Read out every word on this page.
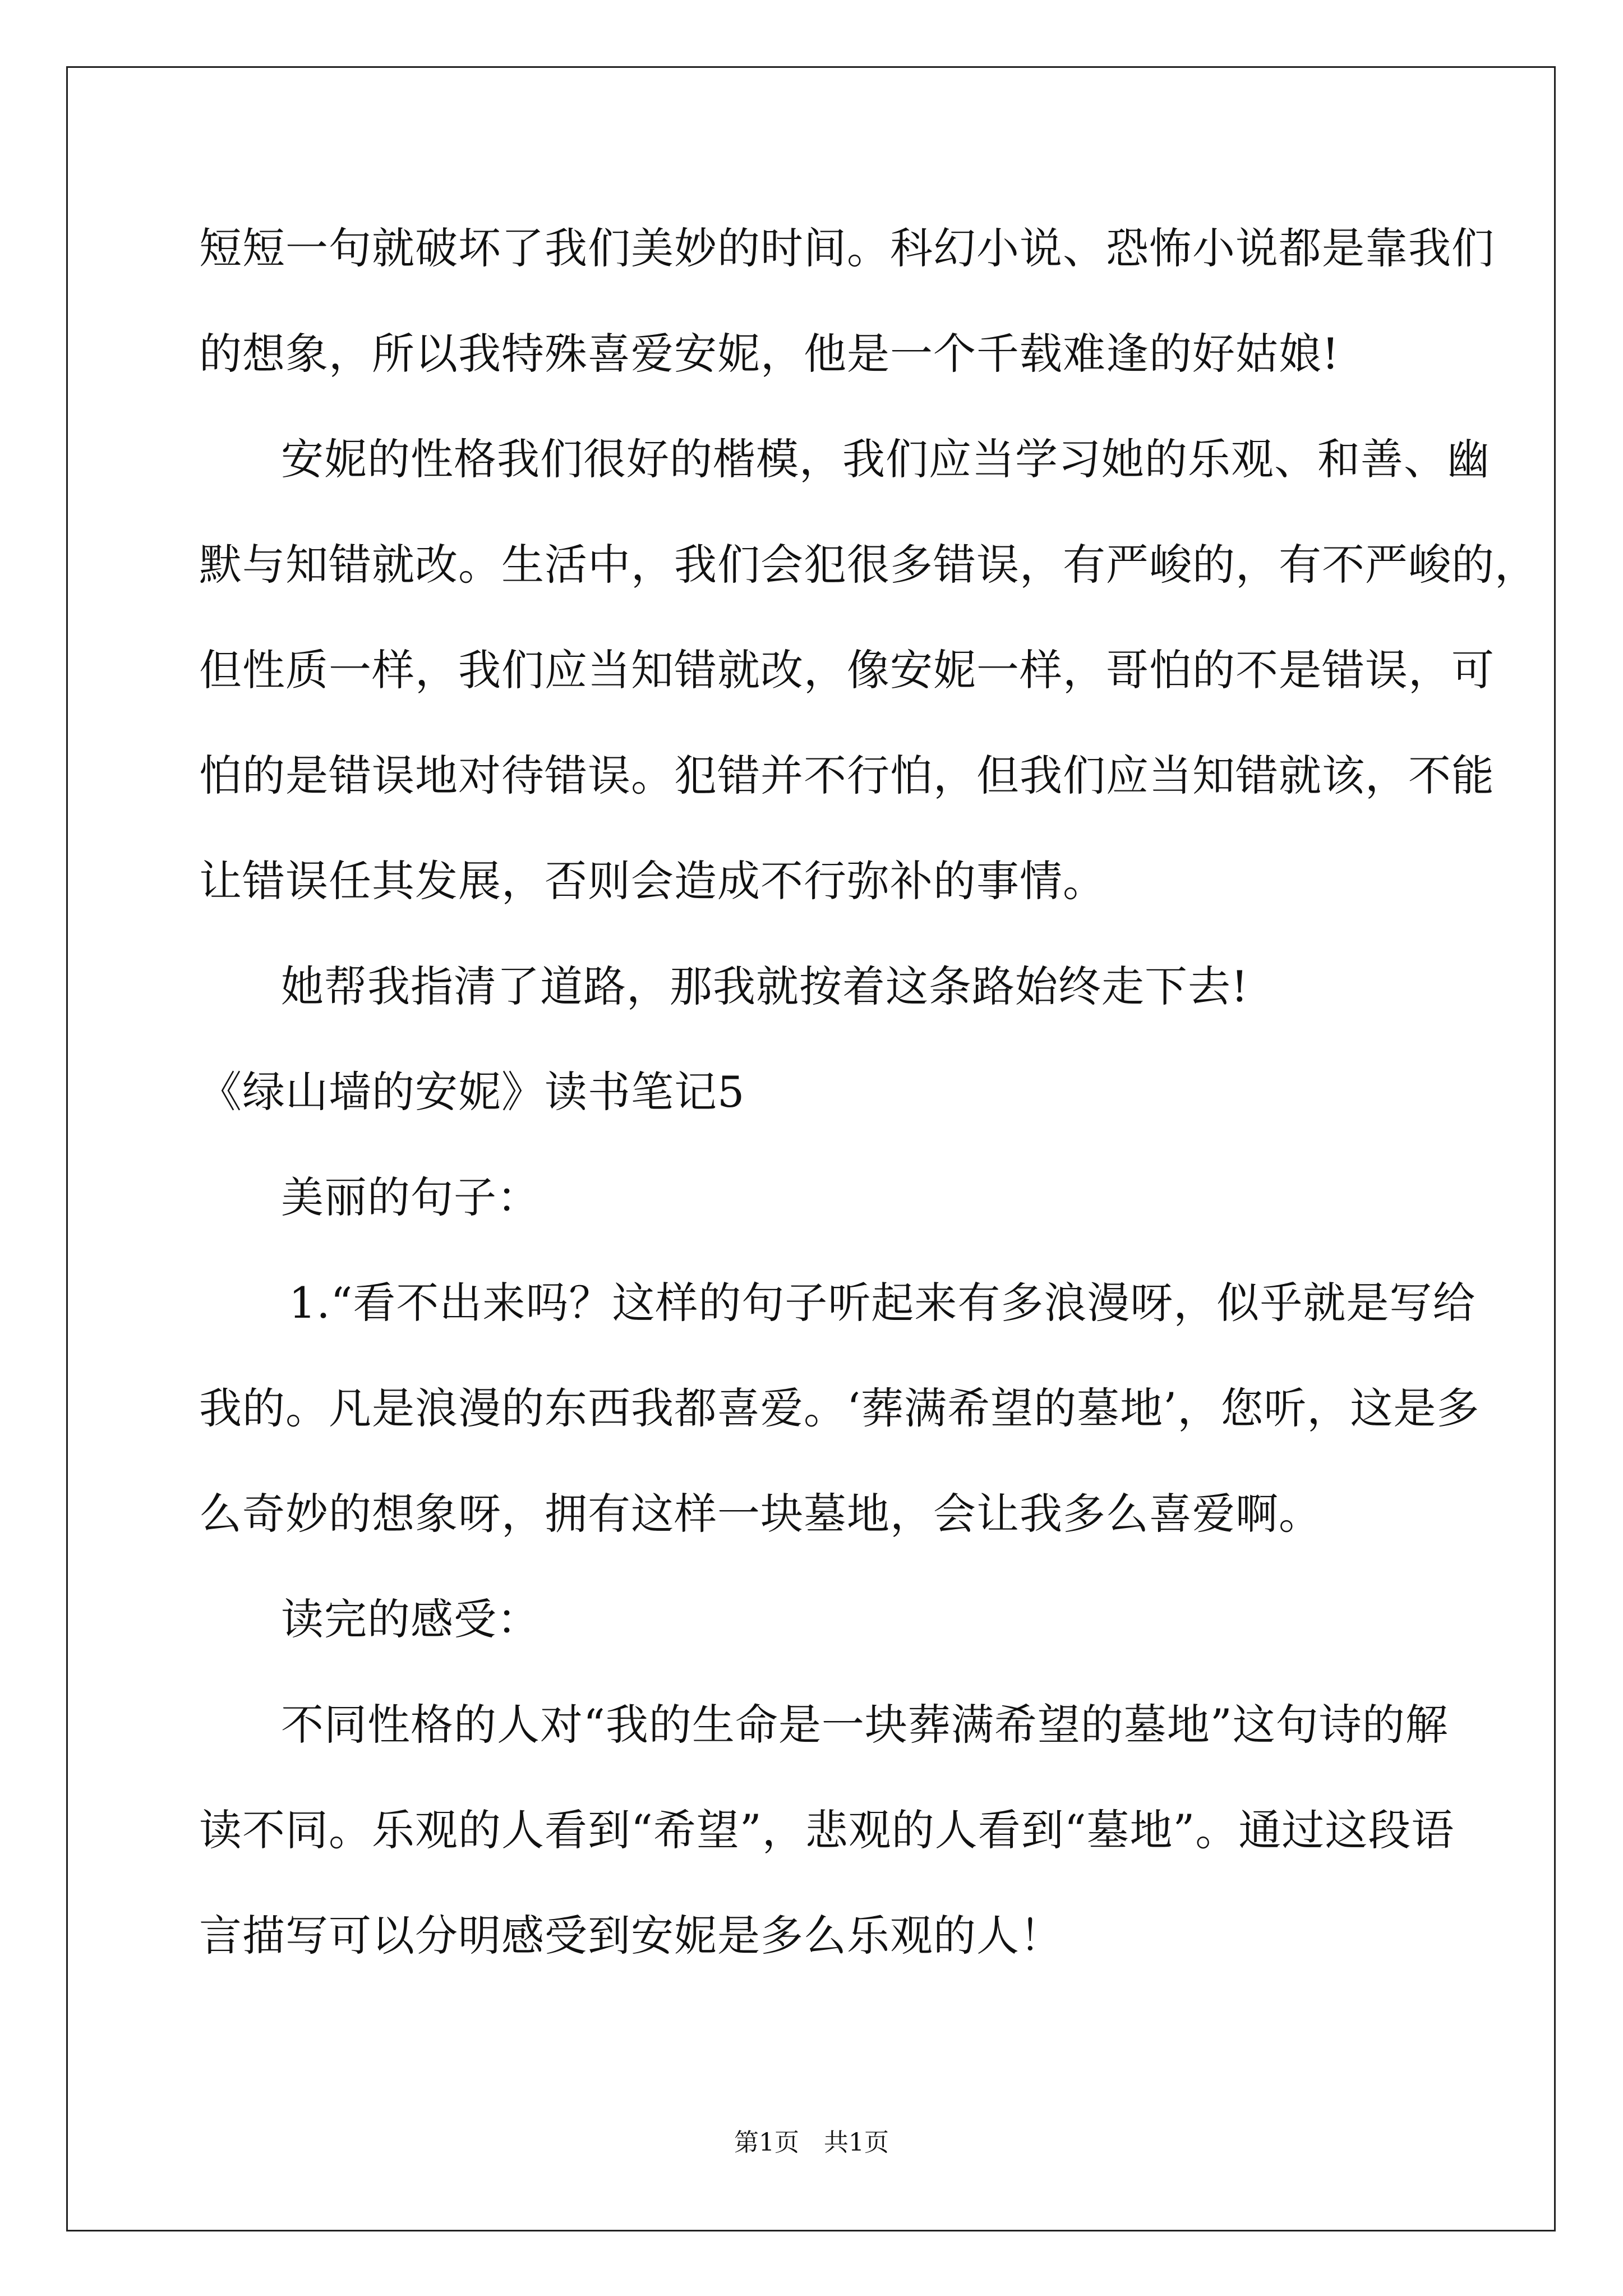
短短一句就破坏了我们美妙的时间。科幻小说、恐怖小说都是靠我们
的想象，所以我特殊喜爱安妮，他是一个千载难逢的好姑娘!
安妮的性格我们很好的楷模，我们应当学习她的乐观、和善、幽
默与知错就改。生活中，我们会犯很多错误，有严峻的，有不严峻的，
但性质一样，我们应当知错就改，像安妮一样，哥怕的不是错误，可
怕的是错误地对待错误。犯错并不行怕，但我们应当知错就该，不能
让错误任其发展，否则会造成不行弥补的事情。
她帮我指清了道路，那我就按着这条路始终走下去!
《绿山墙的安妮》读书笔记5
美丽的句子：
1.“看不出来吗？这样的句子听起来有多浪漫呀，似乎就是写给
我的。凡是浪漫的东西我都喜爱。‘葬满希望的墓地’，您听，这是多
么奇妙的想象呀，拥有这样一块墓地，会让我多么喜爱啊。
读完的感受：
不同性格的人对“我的生命是一块葬满希望的墓地”这句诗的解
读不同。乐观的人看到“希望”，悲观的人看到“墓地”。通过这段语
言描写可以分明感受到安妮是多么乐观的人！
第1页　共1页
